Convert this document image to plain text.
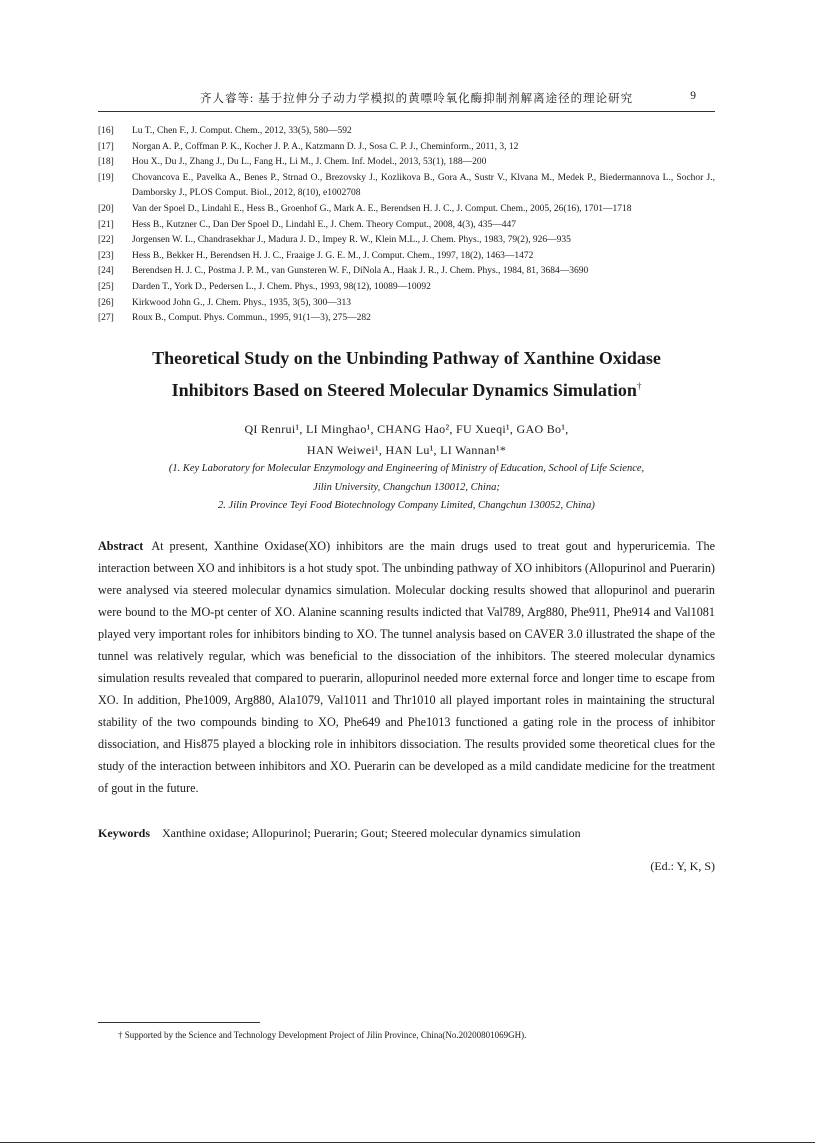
齐人睿等: 基于拉伸分子动力学模拟的黄嘌呤氧化酶抑制剂解离途径的理论研究	9
[16] Lu T., Chen F., J. Comput. Chem., 2012, 33(5), 580—592
[17] Norgan A. P., Coffman P. K., Kocher J. P. A., Katzmann D. J., Sosa C. P. J., Cheminform., 2011, 3, 12
[18] Hou X., Du J., Zhang J., Du L., Fang H., Li M., J. Chem. Inf. Model., 2013, 53(1), 188—200
[19] Chovancova E., Pavelka A., Benes P., Strnad O., Brezovsky J., Kozlikova B., Gora A., Sustr V., Klvana M., Medek P., Biedermannova L., Sochor J., Damborsky J., PLOS Comput. Biol., 2012, 8(10), e1002708
[20] Van der Spoel D., Lindahl E., Hess B., Groenhof G., Mark A. E., Berendsen H. J. C., J. Comput. Chem., 2005, 26(16), 1701—1718
[21] Hess B., Kutzner C., Dan Der Spoel D., Lindahl E., J. Chem. Theory Comput., 2008, 4(3), 435—447
[22] Jorgensen W. L., Chandrasekhar J., Madura J. D., Impey R. W., Klein M.L., J. Chem. Phys., 1983, 79(2), 926—935
[23] Hess B., Bekker H., Berendsen H. J. C., Fraaige J. G. E. M., J. Comput. Chem., 1997, 18(2), 1463—1472
[24] Berendsen H. J. C., Postma J. P. M., van Gunsteren W. F., DiNola A., Haak J. R., J. Chem. Phys., 1984, 81, 3684—3690
[25] Darden T., York D., Pedersen L., J. Chem. Phys., 1993, 98(12), 10089—10092
[26] Kirkwood John G., J. Chem. Phys., 1935, 3(5), 300—313
[27] Roux B., Comput. Phys. Commun., 1995, 91(1—3), 275—282
Theoretical Study on the Unbinding Pathway of Xanthine Oxidase
Inhibitors Based on Steered Molecular Dynamics Simulation†
QI Renrui¹, LI Minghao¹, CHANG Hao², FU Xueqi¹, GAO Bo¹,
HAN Weiwei¹, HAN Lu¹, LI Wannan¹*
(1. Key Laboratory for Molecular Enzymology and Engineering of Ministry of Education, School of Life Science,
Jilin University, Changchun 130012, China;
2. Jilin Province Teyi Food Biotechnology Company Limited, Changchun 130052, China)
Abstract At present, Xanthine Oxidase(XO) inhibitors are the main drugs used to treat gout and hyperuricemia. The interaction between XO and inhibitors is a hot study spot. The unbinding pathway of XO inhibitors (Allopurinol and Puerarin) were analysed via steered molecular dynamics simulation. Molecular docking results showed that allopurinol and puerarin were bound to the MO-pt center of XO. Alanine scanning results indicted that Val789, Arg880, Phe911, Phe914 and Val1081 played very important roles for inhibitors binding to XO. The tunnel analysis based on CAVER 3.0 illustrated the shape of the tunnel was relatively regular, which was beneficial to the dissociation of the inhibitors. The steered molecular dynamics simulation results revealed that compared to puerarin, allopurinol needed more external force and longer time to escape from XO. In addition, Phe1009, Arg880, Ala1079, Val1011 and Thr1010 all played important roles in maintaining the structural stability of the two compounds binding to XO, Phe649 and Phe1013 functioned a gating role in the process of inhibitor dissociation, and His875 played a blocking role in inhibitors dissociation. The results provided some theoretical clues for the study of the interaction between inhibitors and XO. Puerarin can be developed as a mild candidate medicine for the treatment of gout in the future.
Keywords Xanthine oxidase; Allopurinol; Puerarin; Gout; Steered molecular dynamics simulation
(Ed.: Y, K, S)
† Supported by the Science and Technology Development Project of Jilin Province, China(No.20200801069GH).
